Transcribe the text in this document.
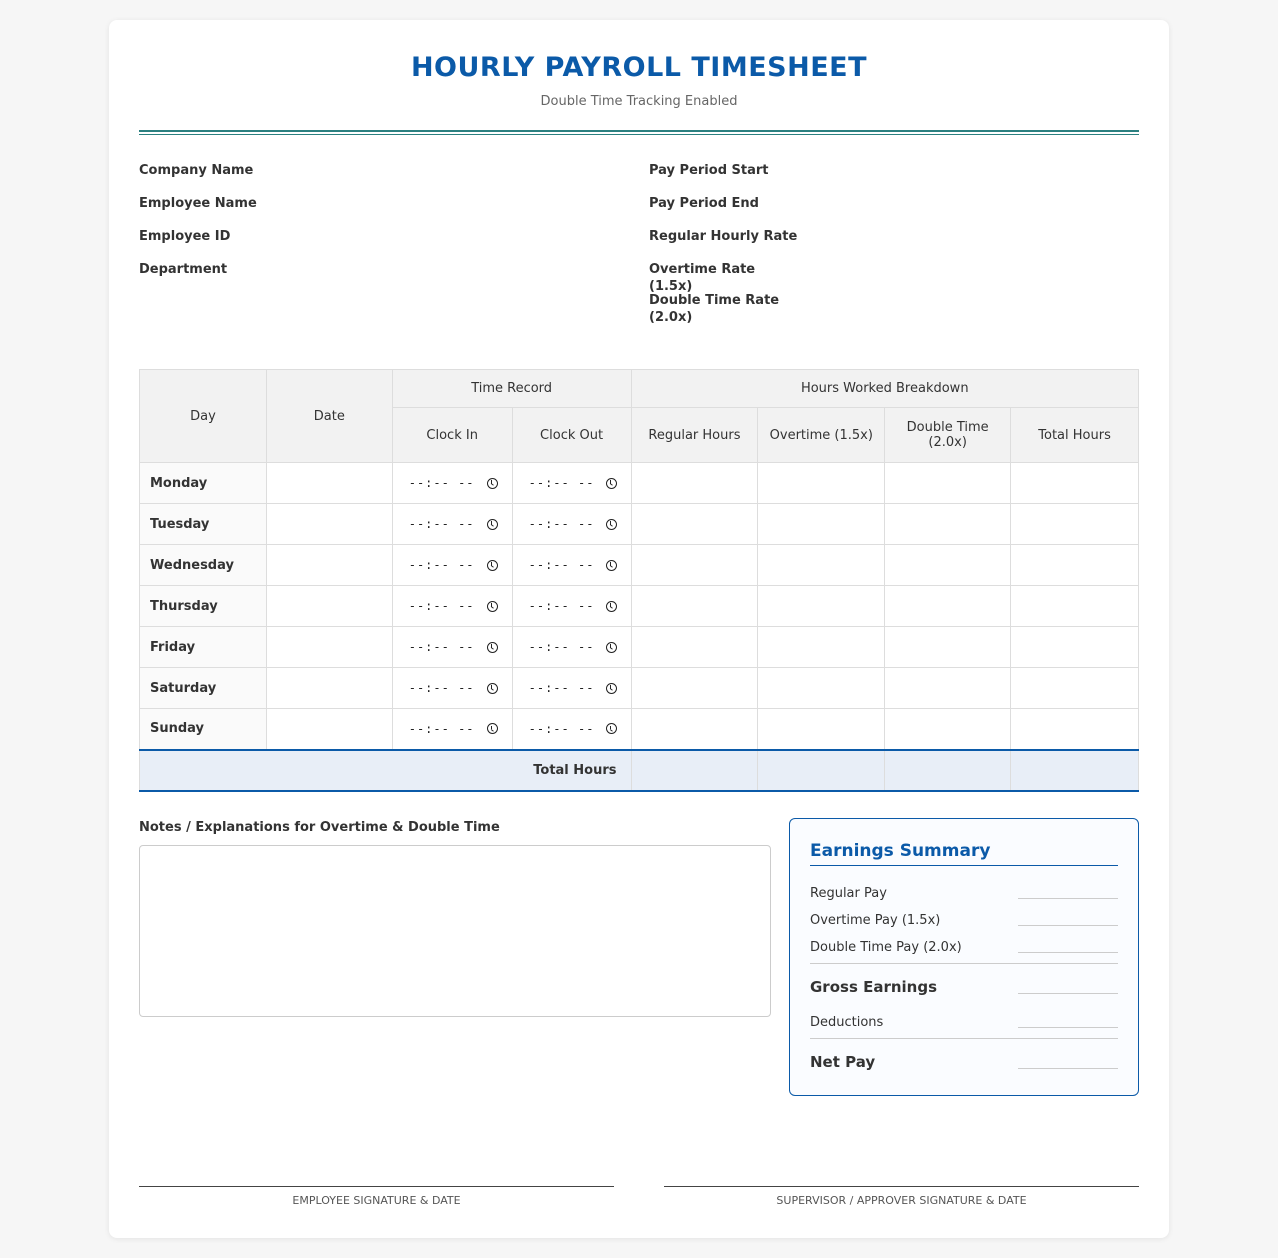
HOURLY PAYROLL TIMESHEET
Double Time Tracking Enabled
Company Name
Employee Name
Employee ID
Department
Pay Period Start
Pay Period End
Regular Hourly Rate
Overtime Rate (1.5x)
Double Time Rate (2.0x)
Day	Date	Time Record		Hours Worked Breakdown			
		Clock In	Clock Out	Regular Hours	Overtime (1.5x)	Double Time (2.0x)	Total Hours
Monday		--:-- --	--:-- --				

Tuesday		--:-- --	--:-- --				

Wednesday		--:-- --	--:-- --				

Thursday		--:-- --	--:-- --				

Friday		--:-- --	--:-- --				

Saturday		--:-- --	--:-- --				

Sunday		--:-- --	--:-- --				

Total Hours							
Notes / Explanations for Overtime & Double Time
Earnings Summary
Regular Pay
Overtime Pay (1.5x)
Double Time Pay (2.0x)
Gross Earnings
Deductions
Net Pay
EMPLOYEE SIGNATURE & DATE	SUPERVISOR / APPROVER SIGNATURE & DATE
